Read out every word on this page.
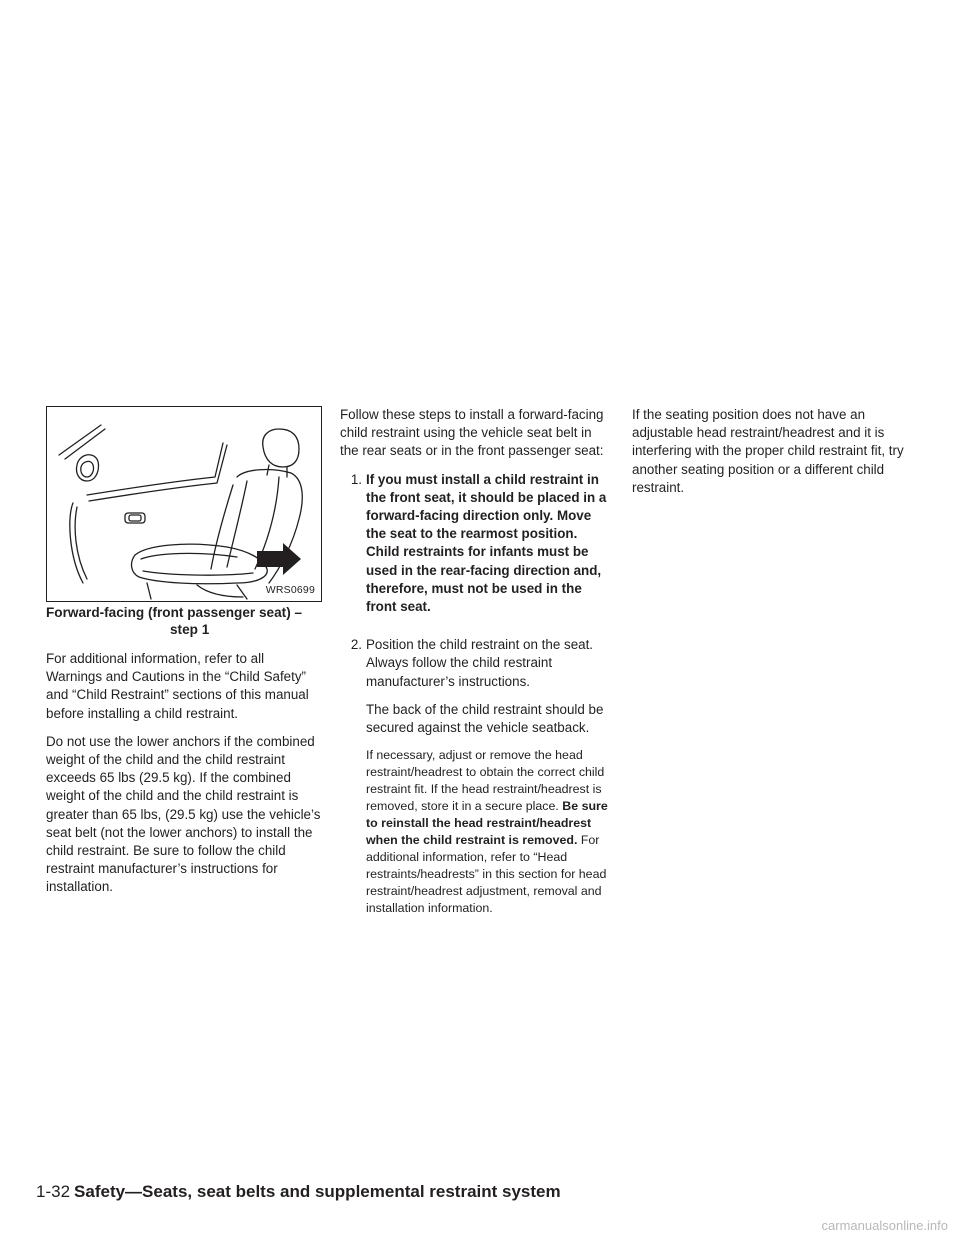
WRS0699
Forward-facing (front passenger seat) –
step 1

For additional information, refer to all Warnings and Cautions in the “Child Safety” and “Child Restraint” sections of this manual before installing a child restraint.

Do not use the lower anchors if the combined weight of the child and the child restraint exceeds 65 lbs (29.5 kg). If the combined weight of the child and the child restraint is greater than 65 lbs, (29.5 kg) use the vehicle’s seat belt (not the lower anchors) to install the child restraint. Be sure to follow the child restraint manufacturer’s instructions for installation.

Follow these steps to install a forward-facing child restraint using the vehicle seat belt in the rear seats or in the front passenger seat:

1. If you must install a child restraint in the front seat, it should be placed in a forward-facing direction only. Move the seat to the rearmost position. Child restraints for infants must be used in the rear-facing direction and, therefore, must not be used in the front seat.

2. Position the child restraint on the seat. Always follow the child restraint manufacturer’s instructions.

The back of the child restraint should be secured against the vehicle seatback.

If necessary, adjust or remove the head restraint/headrest to obtain the correct child restraint fit. If the head restraint/headrest is removed, store it in a secure place. Be sure to reinstall the head restraint/headrest when the child restraint is removed. For additional information, refer to “Head restraints/headrests” in this section for head restraint/headrest adjustment, removal and installation information.

If the seating position does not have an adjustable head restraint/headrest and it is interfering with the proper child restraint fit, try another seating position or a different child restraint.

1-32 Safety—Seats, seat belts and supplemental restraint system
carmanualsonline.info
